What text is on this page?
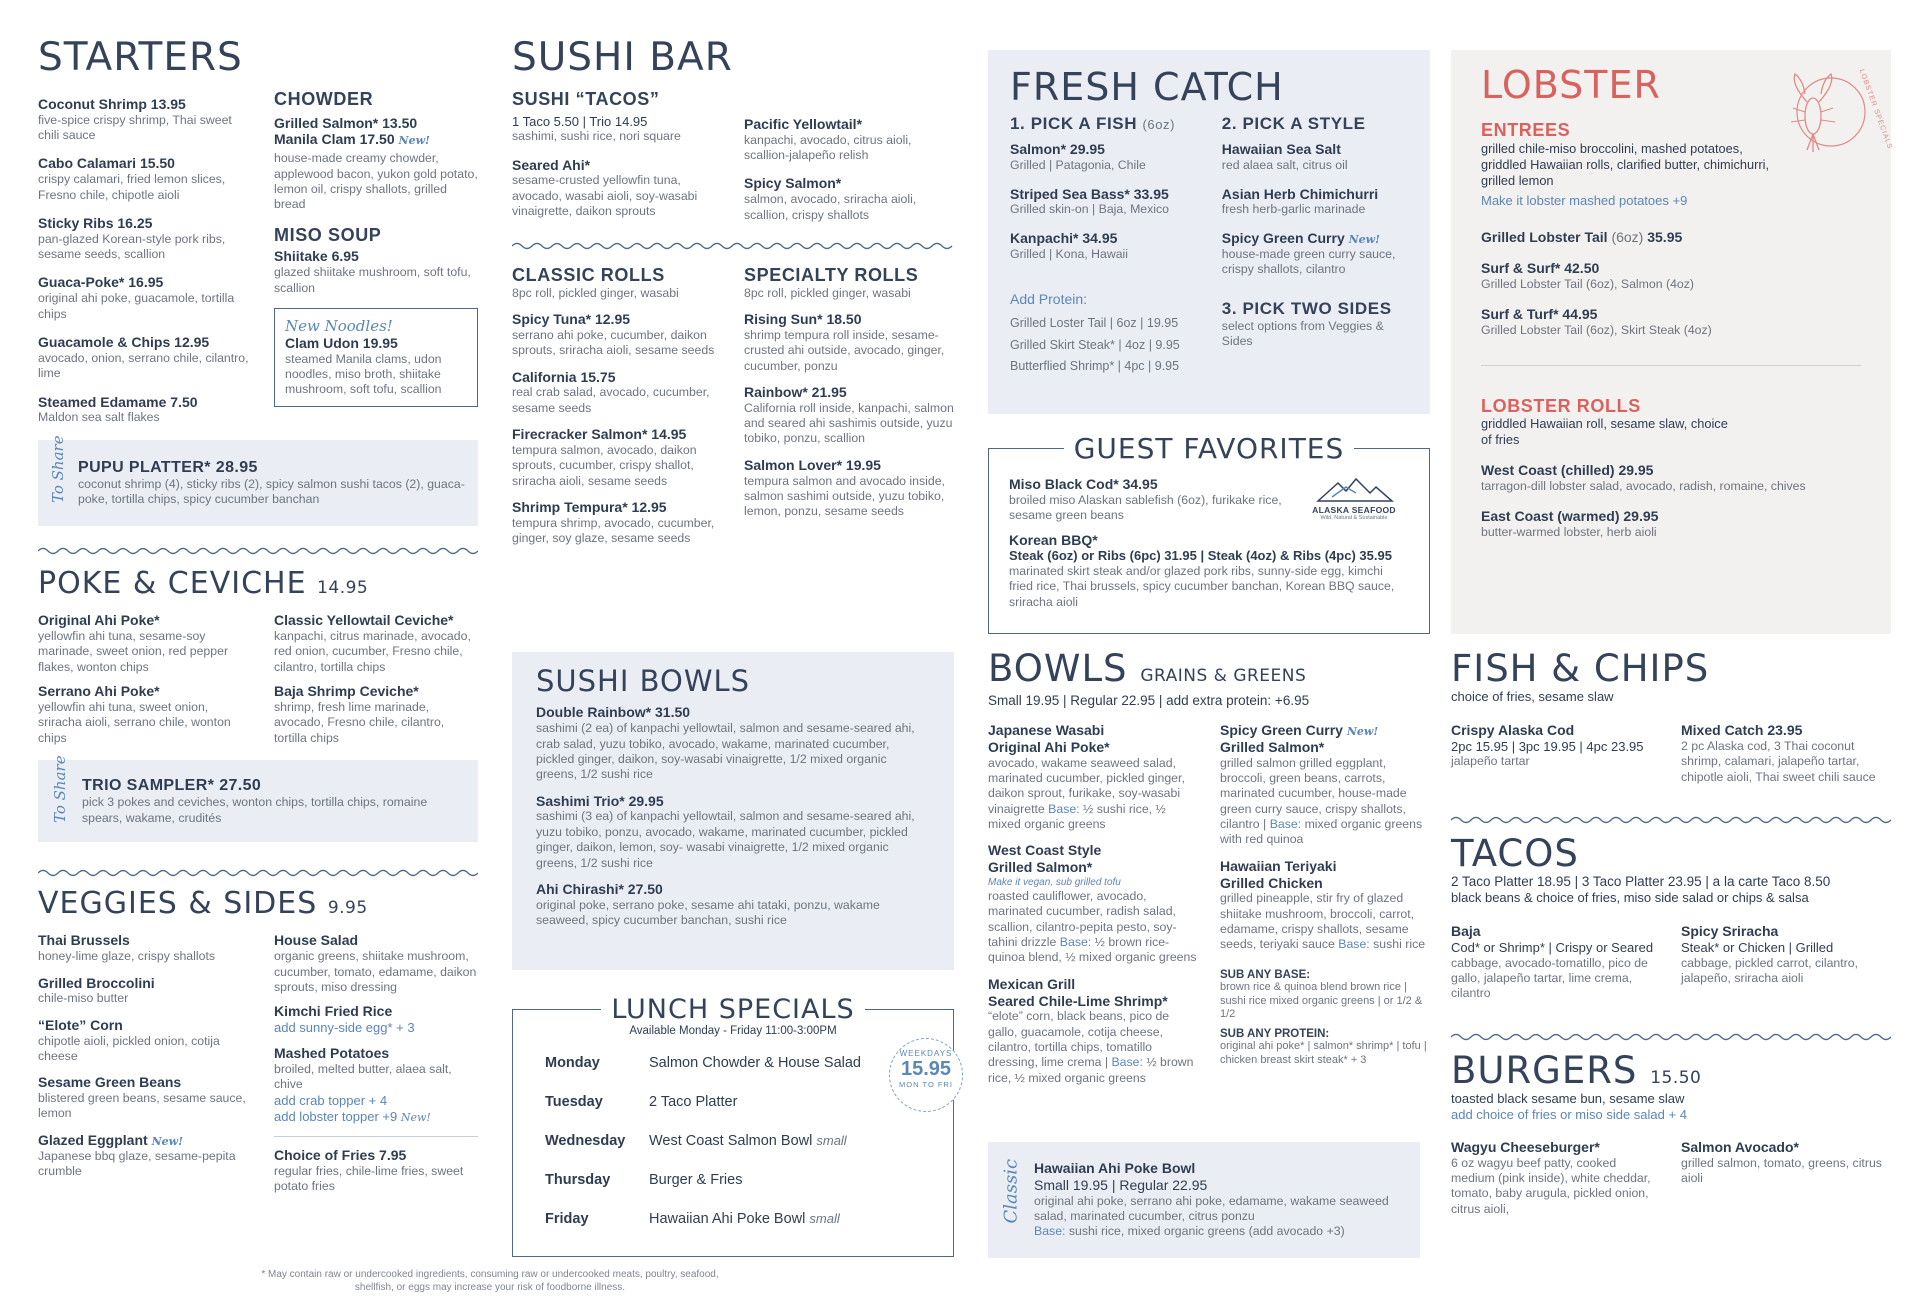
STARTERS
Coconut Shrimp 13.95
five-spice crispy shrimp, Thai sweet chili sauce
Cabo Calamari 15.50
crispy calamari, fried lemon slices, Fresno chile, chipotle aioli
Sticky Ribs 16.25
pan-glazed Korean-style pork ribs, sesame seeds, scallion
Guaca-Poke* 16.95
original ahi poke, guacamole, tortilla chips
Guacamole & Chips 12.95
avocado, onion, serrano chile, cilantro, lime
Steamed Edamame 7.50
Maldon sea salt flakes
CHOWDER
Grilled Salmon* 13.50
Manila Clam 17.50 New!
house-made creamy chowder, applewood bacon, yukon gold potato, lemon oil, crispy shallots, grilled bread
MISO SOUP
Shiitake 6.95
glazed shiitake mushroom, soft tofu, scallion
New Noodles!
Clam Udon 19.95
steamed Manila clams, udon noodles, miso broth, shiitake mushroom, soft tofu, scallion
To Share PUPU PLATTER* 28.95
coconut shrimp (4), sticky ribs (2), spicy salmon sushi tacos (2), guaca-poke, tortilla chips, spicy cucumber banchan
POKE & CEVICHE 14.95
Original Ahi Poke*
yellowfin ahi tuna, sesame-soy marinade, sweet onion, red pepper flakes, wonton chips
Classic Yellowtail Ceviche*
kanpachi, citrus marinade, avocado, red onion, cucumber, Fresno chile, cilantro, tortilla chips
Serrano Ahi Poke*
yellowfin ahi tuna, sweet onion, sriracha aioli, serrano chile, wonton chips
Baja Shrimp Ceviche*
shrimp, fresh lime marinade, avocado, Fresno chile, cilantro, tortilla chips
To Share TRIO SAMPLER* 27.50
pick 3 pokes and ceviches, wonton chips, tortilla chips, romaine spears, wakame, crudités
VEGGIES & SIDES 9.95
Thai Brussels
honey-lime glaze, crispy shallots
Grilled Broccolini
chile-miso butter
“Elote” Corn
chipotle aioli, pickled onion, cotija cheese
Sesame Green Beans
blistered green beans, sesame sauce, lemon
Glazed Eggplant New!
Japanese bbq glaze, sesame-pepita crumble
House Salad
organic greens, shiitake mushroom, cucumber, tomato, edamame, daikon sprouts, miso dressing
Kimchi Fried Rice
add sunny-side egg* + 3
Mashed Potatoes
broiled, melted butter, alaea salt, chive
add crab topper + 4
add lobster topper +9 New!
Choice of Fries 7.95
regular fries, chile-lime fries, sweet potato fries
* May contain raw or undercooked ingredients, consuming raw or undercooked meats, poultry, seafood,
shellfish, or eggs may increase your risk of foodborne illness.
SUSHI BAR
SUSHI “TACOS”
1 Taco 5.50 | Trio 14.95
sashimi, sushi rice, nori square
Seared Ahi*
sesame-crusted yellowfin tuna, avocado, wasabi aioli, soy-wasabi vinaigrette, daikon sprouts
Pacific Yellowtail*
kanpachi, avocado, citrus aioli, scallion-jalapeño relish
Spicy Salmon*
salmon, avocado, sriracha aioli, scallion, crispy shallots
CLASSIC ROLLS
8pc roll, pickled ginger, wasabi
Spicy Tuna* 12.95
serrano ahi poke, cucumber, daikon sprouts, sriracha aioli, sesame seeds
California 15.75
real crab salad, avocado, cucumber, sesame seeds
Firecracker Salmon* 14.95
tempura salmon, avocado, daikon sprouts, cucumber, crispy shallot, sriracha aioli, sesame seeds
Shrimp Tempura* 12.95
tempura shrimp, avocado, cucumber, ginger, soy glaze, sesame seeds
SPECIALTY ROLLS
8pc roll, pickled ginger, wasabi
Rising Sun* 18.50
shrimp tempura roll inside, sesame-crusted ahi outside, avocado, ginger, cucumber, ponzu
Rainbow* 21.95
California roll inside, kanpachi, salmon and seared ahi sashimis outside, yuzu tobiko, ponzu, scallion
Salmon Lover* 19.95
tempura salmon and avocado inside, salmon sashimi outside, yuzu tobiko, lemon, ponzu, sesame seeds
SUSHI BOWLS
Double Rainbow* 31.50
sashimi (2 ea) of kanpachi yellowtail, salmon and sesame-seared ahi, crab salad, yuzu tobiko, avocado, wakame, marinated cucumber, pickled ginger, daikon, soy-wasabi vinaigrette, 1/2 mixed organic greens, 1/2 sushi rice
Sashimi Trio* 29.95
sashimi (3 ea) of kanpachi yellowtail, salmon and sesame-seared ahi, yuzu tobiko, ponzu, avocado, wakame, marinated cucumber, pickled ginger, daikon, lemon, soy- wasabi vinaigrette, 1/2 mixed organic greens, 1/2 sushi rice
Ahi Chirashi* 27.50
original poke, serrano poke, sesame ahi tataki, ponzu, wakame seaweed, spicy cucumber banchan, sushi rice
LUNCH SPECIALS
Available Monday - Friday 11:00-3:00PM
Monday	Salmon Chowder & House Salad
Tuesday	2 Taco Platter
Wednesday	West Coast Salmon Bowl
small
Thursday	Burger & Fries
Friday	Hawaiian Ahi Poke Bowl
small
WEEKDAYS
15.95
MON TO FRI
FRESH CATCH
1. PICK A FISH (6oz)
Salmon* 29.95
Grilled | Patagonia, Chile
Striped Sea Bass* 33.95
Grilled skin-on | Baja, Mexico
Kanpachi* 34.95
Grilled | Kona, Hawaii
Add Protein:
Grilled Loster Tail | 6oz | 19.95
Grilled Skirt Steak* | 4oz | 9.95
Butterflied Shrimp* | 4pc | 9.95
2. PICK A STYLE
Hawaiian Sea Salt
red alaea salt, citrus oil
Asian Herb Chimichurri
fresh herb-garlic marinade
Spicy Green Curry New!
house-made green curry sauce, crispy shallots, cilantro
3. PICK TWO SIDES
select options from Veggies & Sides
GUEST FAVORITES
Miso Black Cod* 34.95
broiled miso Alaskan sablefish (6oz), furikake rice, sesame green beans	ALASKA SEAFOOD
Wild, Natural & Sustainable
Korean BBQ*
Steak (6oz) or Ribs (6pc) 31.95 | Steak (4oz) & Ribs (4pc) 35.95
marinated skirt steak and/or glazed pork ribs, sunny-side egg, kimchi fried rice, Thai brussels, spicy cucumber banchan, Korean BBQ sauce, sriracha aioli
BOWLS GRAINS & GREENS
Small 19.95 | Regular 22.95 | add extra protein: +6.95
Japanese Wasabi
Original Ahi Poke*
avocado, wakame seaweed salad, marinated cucumber, pickled ginger, daikon sprout, furikake, soy-wasabi vinaigrette Base: ½ sushi rice, ½ mixed organic greens
West Coast Style
Grilled Salmon*
Make it vegan, sub grilled tofu
roasted cauliflower, avocado, marinated cucumber, radish salad, scallion, cilantro-pepita pesto, soy- tahini drizzle Base: ½ brown rice-quinoa blend, ½ mixed organic greens
Mexican Grill
Seared Chile-Lime Shrimp*
“elote” corn, black beans, pico de gallo, guacamole, cotija cheese, cilantro, tortilla chips, tomatillo dressing, lime crema | Base: ½ brown rice, ½ mixed organic greens
Spicy Green Curry New!
Grilled Salmon*
grilled salmon grilled eggplant, broccoli, green beans, carrots, marinated cucumber, house-made green curry sauce, crispy shallots, cilantro | Base: mixed organic greens with red quinoa
Hawaiian Teriyaki
Grilled Chicken
grilled pineapple, stir fry of glazed shiitake mushroom, broccoli, carrot, edamame, crispy shallots, sesame seeds, teriyaki sauce Base: sushi rice
SUB ANY BASE:
brown rice & quinoa blend brown rice | sushi rice mixed organic greens | or 1/2 & 1/2
SUB ANY PROTEIN:
original ahi poke* | salmon* shrimp* | tofu | chicken breast skirt steak* + 3
Classic Hawaiian Ahi Poke Bowl
Small 19.95 | Regular 22.95
original ahi poke, serrano ahi poke, edamame, wakame seaweed salad, marinated cucumber, citrus ponzu
Base: sushi rice, mixed organic greens (add avocado +3)
LOBSTER	LOBSTER SPECIALS
ENTREES
grilled chile-miso broccolini, mashed potatoes, griddled Hawaiian rolls, clarified butter, chimichurri, grilled lemon
Make it lobster mashed potatoes +9
Grilled Lobster Tail (6oz) 35.95
Surf & Surf* 42.50
Grilled Lobster Tail (6oz), Salmon (4oz)
Surf & Turf* 44.95
Grilled Lobster Tail (6oz), Skirt Steak (4oz)
LOBSTER ROLLS
griddled Hawaiian roll, sesame slaw, choice of fries
West Coast (chilled) 29.95
tarragon-dill lobster salad, avocado, radish, romaine, chives
East Coast (warmed) 29.95
butter-warmed lobster, herb aioli
FISH & CHIPS
choice of fries, sesame slaw
Crispy Alaska Cod
2pc 15.95 | 3pc 19.95 | 4pc 23.95
jalapeño tartar
Mixed Catch 23.95
2 pc Alaska cod, 3 Thai coconut shrimp, calamari, jalapeño tartar, chipotle aioli, Thai sweet chili sauce
TACOS
2 Taco Platter 18.95 | 3 Taco Platter 23.95 | a la carte Taco 8.50
black beans & choice of fries, miso side salad or chips & salsa
Baja
Cod* or Shrimp* | Crispy or Seared
cabbage, avocado-tomatillo, pico de gallo, jalapeño tartar, lime crema, cilantro
Spicy Sriracha
Steak* or Chicken | Grilled
cabbage, pickled carrot, cilantro, jalapeño, sriracha aioli
BURGERS 15.50
toasted black sesame bun, sesame slaw
add choice of fries or miso side salad + 4
Wagyu Cheeseburger*
6 oz wagyu beef patty, cooked medium (pink inside), white cheddar, tomato, baby arugula, pickled onion, citrus aioli,
Salmon Avocado*
grilled salmon, tomato, greens, citrus aioli
